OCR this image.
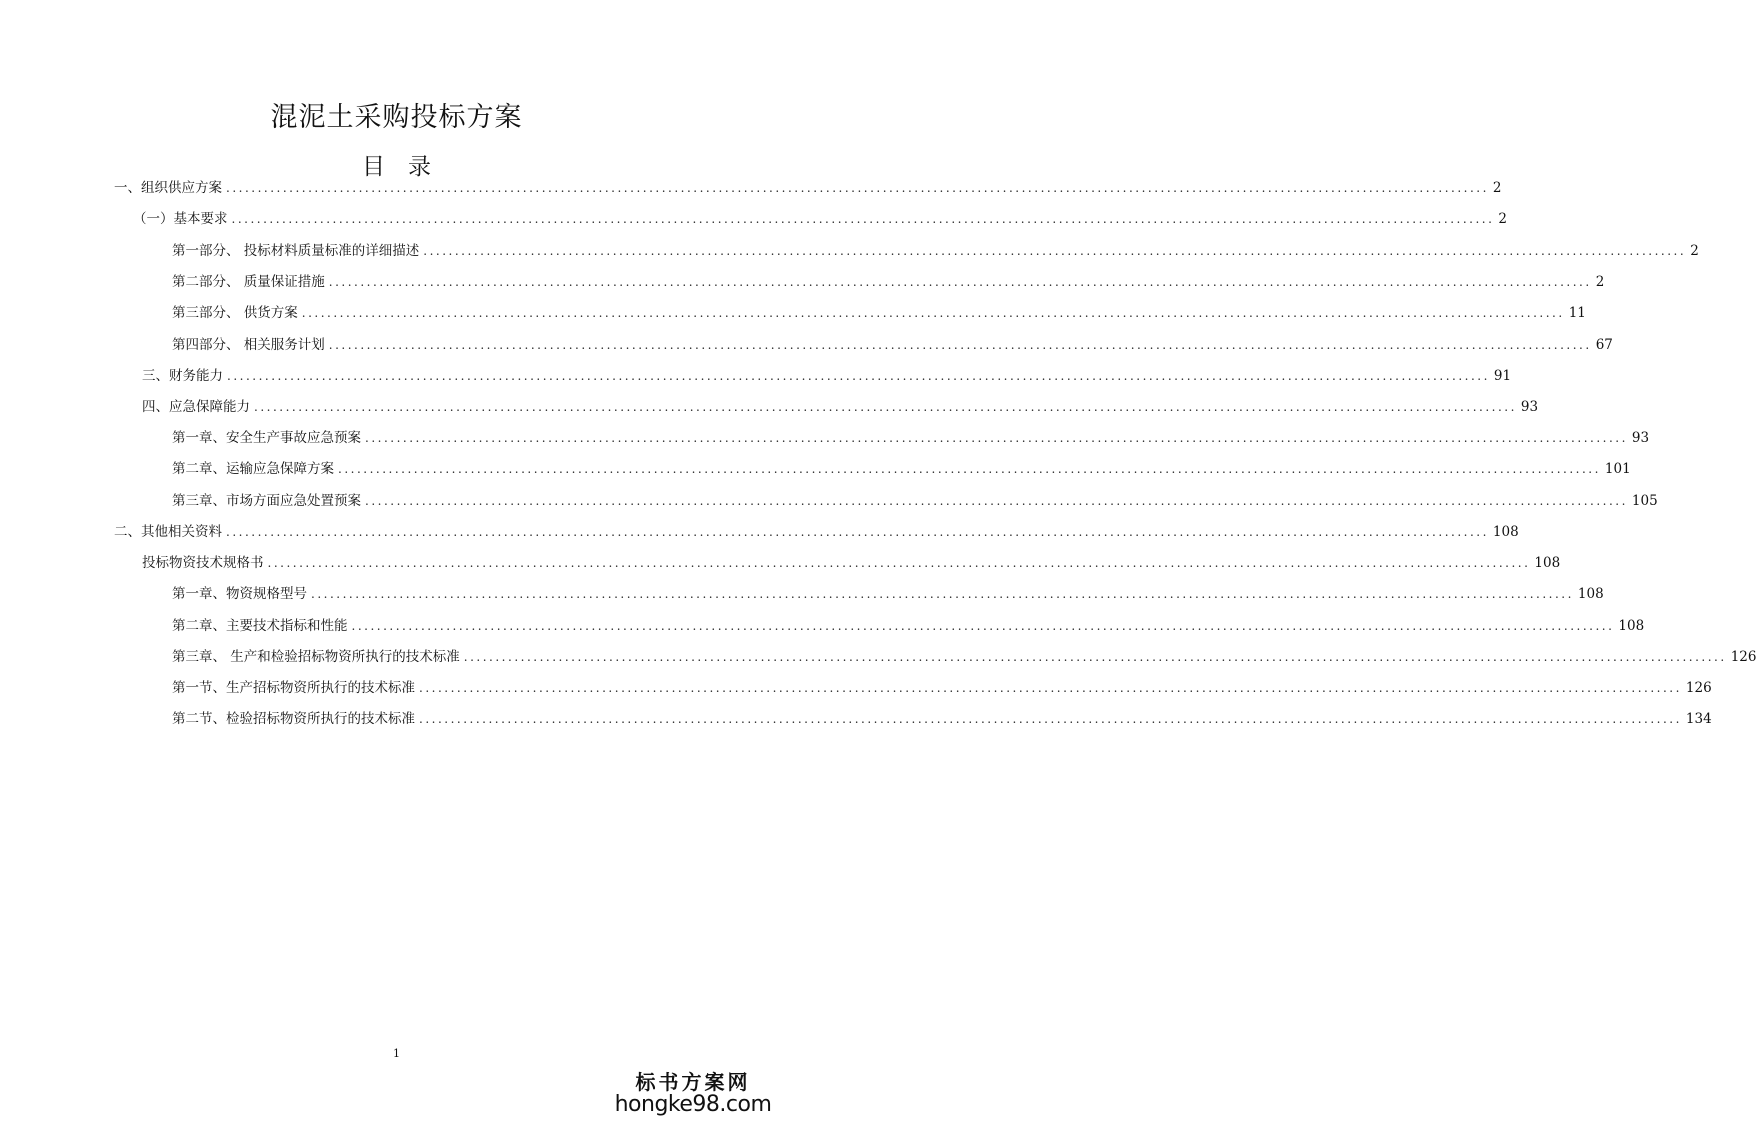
混泥土采购投标方案
目　录
一、组织供应方案 ........................................................................................................................................................................................................ 2
（一）基本要求 ........................................................................................................................................................................................................ 2
第一部分、 投标材料质量标准的详细描述 ........................................................................................................................................................................................................ 2
第二部分、 质量保证措施 ........................................................................................................................................................................................................ 2
第三部分、 供货方案 ........................................................................................................................................................................................................ 11
第四部分、 相关服务计划 ........................................................................................................................................................................................................ 67
三、财务能力 ........................................................................................................................................................................................................ 91
四、应急保障能力 ........................................................................................................................................................................................................ 93
第一章、安全生产事故应急预案 ........................................................................................................................................................................................................ 93
第二章、运输应急保障方案 ........................................................................................................................................................................................................ 101
第三章、市场方面应急处置预案 ........................................................................................................................................................................................................ 105
二、其他相关资料 ........................................................................................................................................................................................................ 108
投标物资技术规格书 ........................................................................................................................................................................................................ 108
第一章、物资规格型号 ........................................................................................................................................................................................................ 108
第二章、主要技术指标和性能 ........................................................................................................................................................................................................ 108
第三章、 生产和检验招标物资所执行的技术标准 ........................................................................................................................................................................................................ 126
第一节、生产招标物资所执行的技术标准 ........................................................................................................................................................................................................ 126
第二节、检验招标物资所执行的技术标准 ........................................................................................................................................................................................................ 134
1
标书方案网
hongke98.com
